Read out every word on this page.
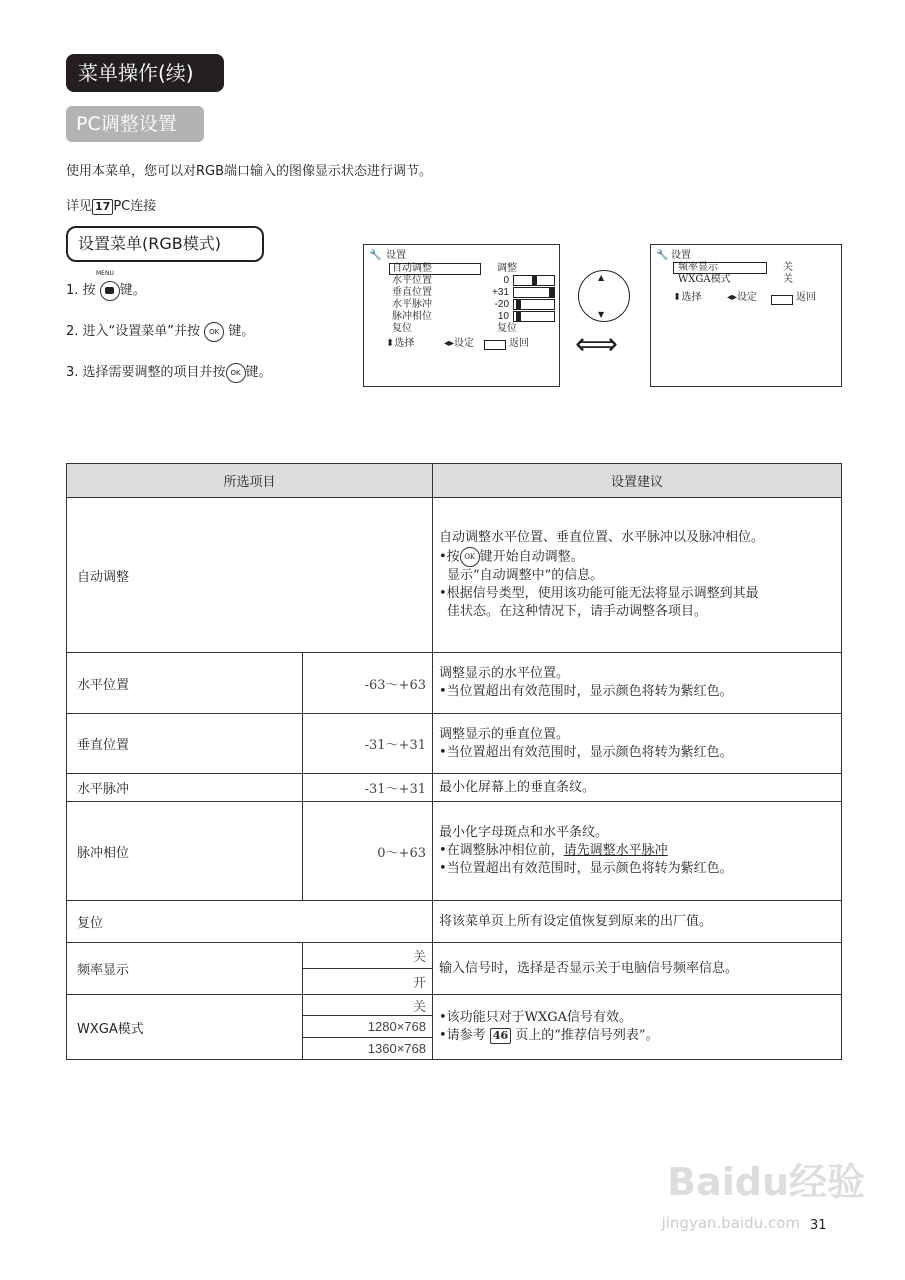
菜单操作(续)
PC调整设置
使用本菜单，您可以对RGB端口输入的图像显示状态进行调节。
详见 17 PC连接
设置菜单(RGB模式)
MENU
1. 按 键。
2. 进入“设置菜单”并按 OK 键。
3. 选择需要调整的项目并按 OK 键。
🔧 设置
自动调整
水平位置
垂直位置
水平脉冲
脉冲相位
复位
调整
0
+31
-20
10
复位
⬍选择	◂▸设定	返回
▲
▼
⟺
🔧 设置
频率显示
WXGA模式
关
关
⬍选择	◂▸设定	返回
所选项目		设置建议
自动调整		自动调整水平位置、垂直位置、水平脉冲以及脉冲相位。
•按 OK 键开始自动调整。
显示“自动调整中”的信息。
•根据信号类型，使用该功能可能无法将显示调整到其最
佳状态。在这种情况下，请手动调整各项目。

水平位置	-63～+63	调整显示的水平位置。
•当位置超出有效范围时，显示颜色将转为紫红色。

垂直位置	-31～+31	调整显示的垂直位置。
•当位置超出有效范围时，显示颜色将转为紫红色。

水平脉冲	-31～+31	最小化屏幕上的垂直条纹。
脉冲相位	0～+63	最小化字母斑点和水平条纹。
•在调整脉冲相位前，请先调整水平脉冲
•当位置超出有效范围时，显示颜色将转为紫红色。

复位		将该菜单页上所有设定值恢复到原来的出厂值。
频率显示	关	输入信号时，选择是否显示关于电脑信号频率信息。
	开	
WXGA模式	关	•该功能只对于WXGA信号有效。
•请参考 46 页上的“推荐信号列表”。

	1280×768	
	1360×768	
Baidu经验
jingyan.baidu.com 31
